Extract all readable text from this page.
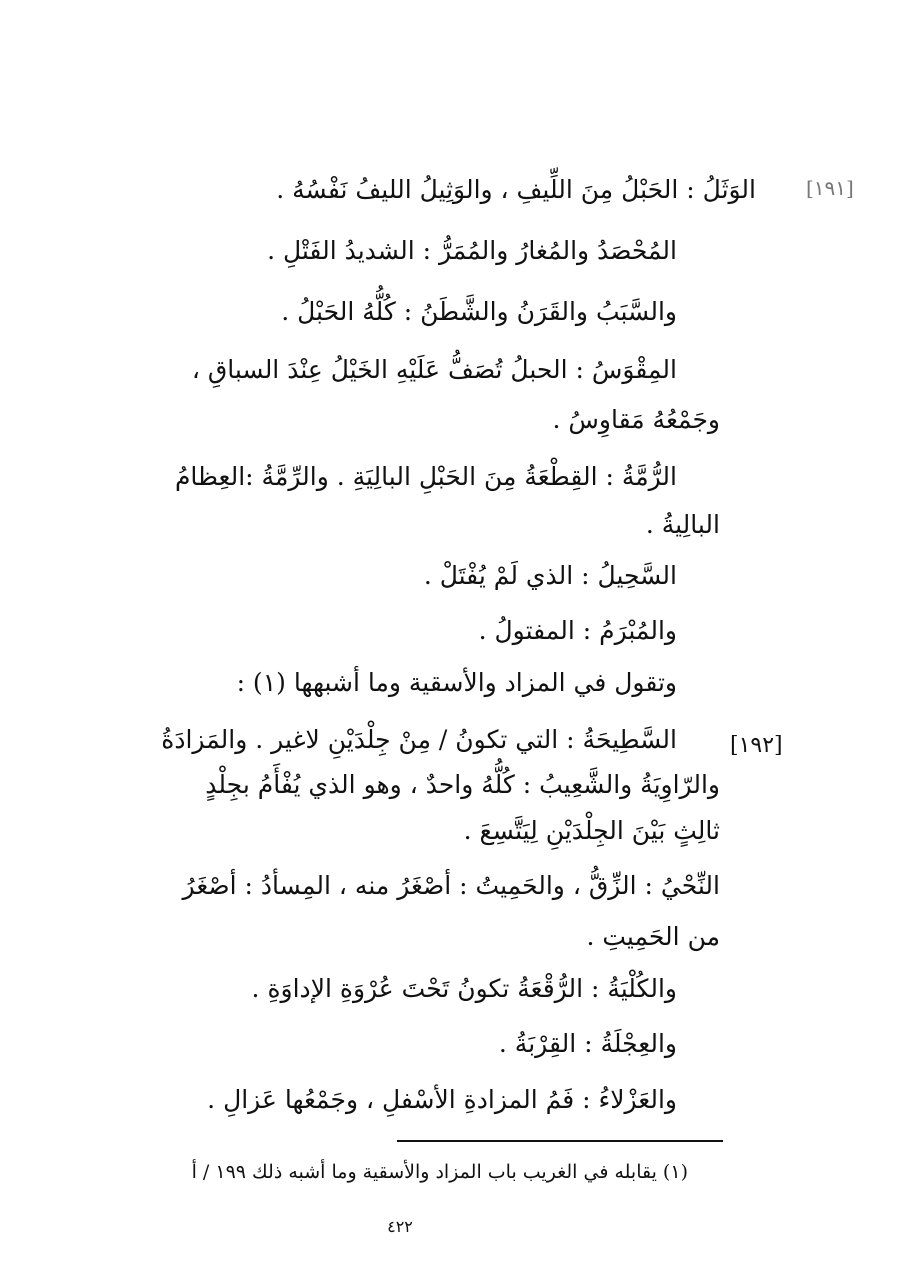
[۱۹۱]
الوَثَلُ : الحَبْلُ مِنَ اللِّيفِ ، والوَثِيلُ الليفُ نَفْسُهُ .
المُحْصَدُ والمُغارُ والمُمَرُّ : الشديدُ الفَتْلِ .
والسَّبَبُ والقَرَنُ والشَّطَنُ : كُلُّهُ الحَبْلُ .
المِقْوَسُ : الحبلُ تُصَفُّ عَلَيْهِ الخَيْلُ عِنْدَ السباقِ ،
وجَمْعُهُ مَقاوِسُ .
الرُّمَّةُ : القِطْعَةُ مِنَ الحَبْلِ البالِيَةِ . والرِّمَّةُ :العِظامُ
البالِيةُ .
السَّحِيلُ : الذي لَمْ يُفْتَلْ .
والمُبْرَمُ : المفتولُ .
وتقول في المزاد والأسقية وما أشبهها (١) :
[۱۹۲]
السَّطِيحَةُ : التي تكونُ / مِنْ جِلْدَيْنِ لاغير . والمَزادَةُ
والرّاوِيَةُ والشَّعِيبُ : كُلُّهُ واحدٌ ، وهو الذي يُفْأَمُ بجِلْدٍ
ثالِثٍ بَيْنَ الجِلْدَيْنِ لِيَتَّسِعَ .
النِّحْيُ : الزِّقُّ ، والحَمِيتُ : أصْغَرُ منه ، المِسأدُ : أصْغَرُ
من الحَمِيتِ .
والكُلْيَةُ : الرُّقْعَةُ تكونُ تَحْتَ عُرْوَةِ الإداوَةِ .
والعِجْلَةُ : القِرْبَةُ .
والعَزْلاءُ : فَمُ المزادةِ الأسْفلِ ، وجَمْعُها عَزالِ .
(١) يقابله في الغريب باب المزاد والأسقية وما أشبه ذلك ١٩٩ / أ
٤٢٢
